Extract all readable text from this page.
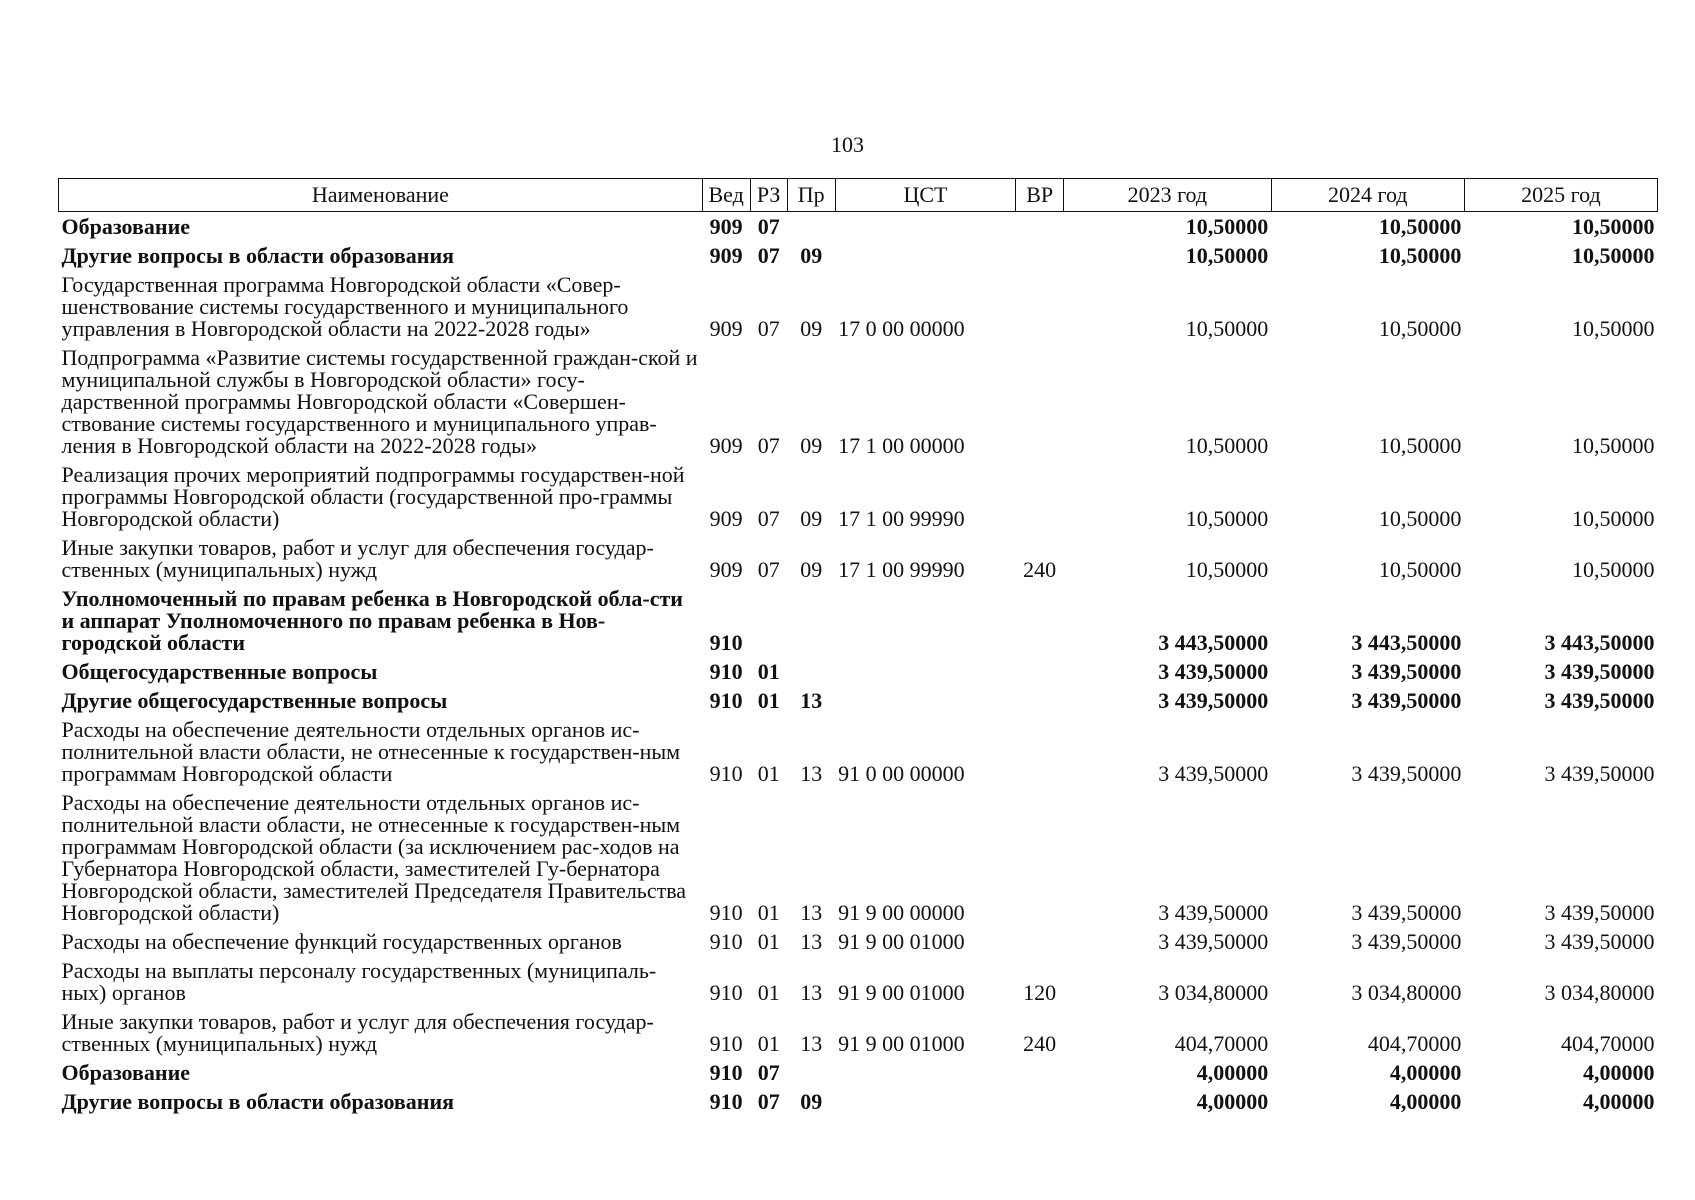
103
Наименование	Вед	РЗ	Пр	ЦСТ	ВР	2023 год	2024 год	2025 год
Образование	909	07				10,50000	10,50000	10,50000
Другие вопросы в области образования	909	07	09			10,50000	10,50000	10,50000
Государственная программа Новгородской области «Совер-шенствование системы государственного и муниципального управления в Новгородской области на 2022-2028 годы»	909	07	09	17 0 00 00000		10,50000	10,50000	10,50000
Подпрограмма «Развитие системы государственной граждан-ской и муниципальной службы в Новгородской области» госу-дарственной программы Новгородской области «Совершен-ствование системы государственного и муниципального управ-ления в Новгородской области на 2022-2028 годы»	909	07	09	17 1 00 00000		10,50000	10,50000	10,50000
Реализация прочих мероприятий подпрограммы государствен-ной программы Новгородской области (государственной про-граммы Новгородской области)	909	07	09	17 1 00 99990		10,50000	10,50000	10,50000
Иные закупки товаров, работ и услуг для обеспечения государ-ственных (муниципальных) нужд	909	07	09	17 1 00 99990	240	10,50000	10,50000	10,50000
Уполномоченный по правам ребенка в Новгородской обла-сти и аппарат Уполномоченного по правам ребенка в Нов-городской области	910					3 443,50000	3 443,50000	3 443,50000
Общегосударственные вопросы	910	01				3 439,50000	3 439,50000	3 439,50000
Другие общегосударственные вопросы	910	01	13			3 439,50000	3 439,50000	3 439,50000
Расходы на обеспечение деятельности отдельных органов ис-полнительной власти области, не отнесенные к государствен-ным программам Новгородской области	910	01	13	91 0 00 00000		3 439,50000	3 439,50000	3 439,50000
Расходы на обеспечение деятельности отдельных органов ис-полнительной власти области, не отнесенные к государствен-ным программам Новгородской области (за исключением рас-ходов на Губернатора Новгородской области, заместителей Гу-бернатора Новгородской области, заместителей Председателя Правительства Новгородской области)	910	01	13	91 9 00 00000		3 439,50000	3 439,50000	3 439,50000
Расходы на обеспечение функций государственных органов	910	01	13	91 9 00 01000		3 439,50000	3 439,50000	3 439,50000
Расходы на выплаты персоналу государственных (муниципаль-ных) органов	910	01	13	91 9 00 01000	120	3 034,80000	3 034,80000	3 034,80000
Иные закупки товаров, работ и услуг для обеспечения государ-ственных (муниципальных) нужд	910	01	13	91 9 00 01000	240	404,70000	404,70000	404,70000
Образование	910	07				4,00000	4,00000	4,00000
Другие вопросы в области образования	910	07	09			4,00000	4,00000	4,00000
